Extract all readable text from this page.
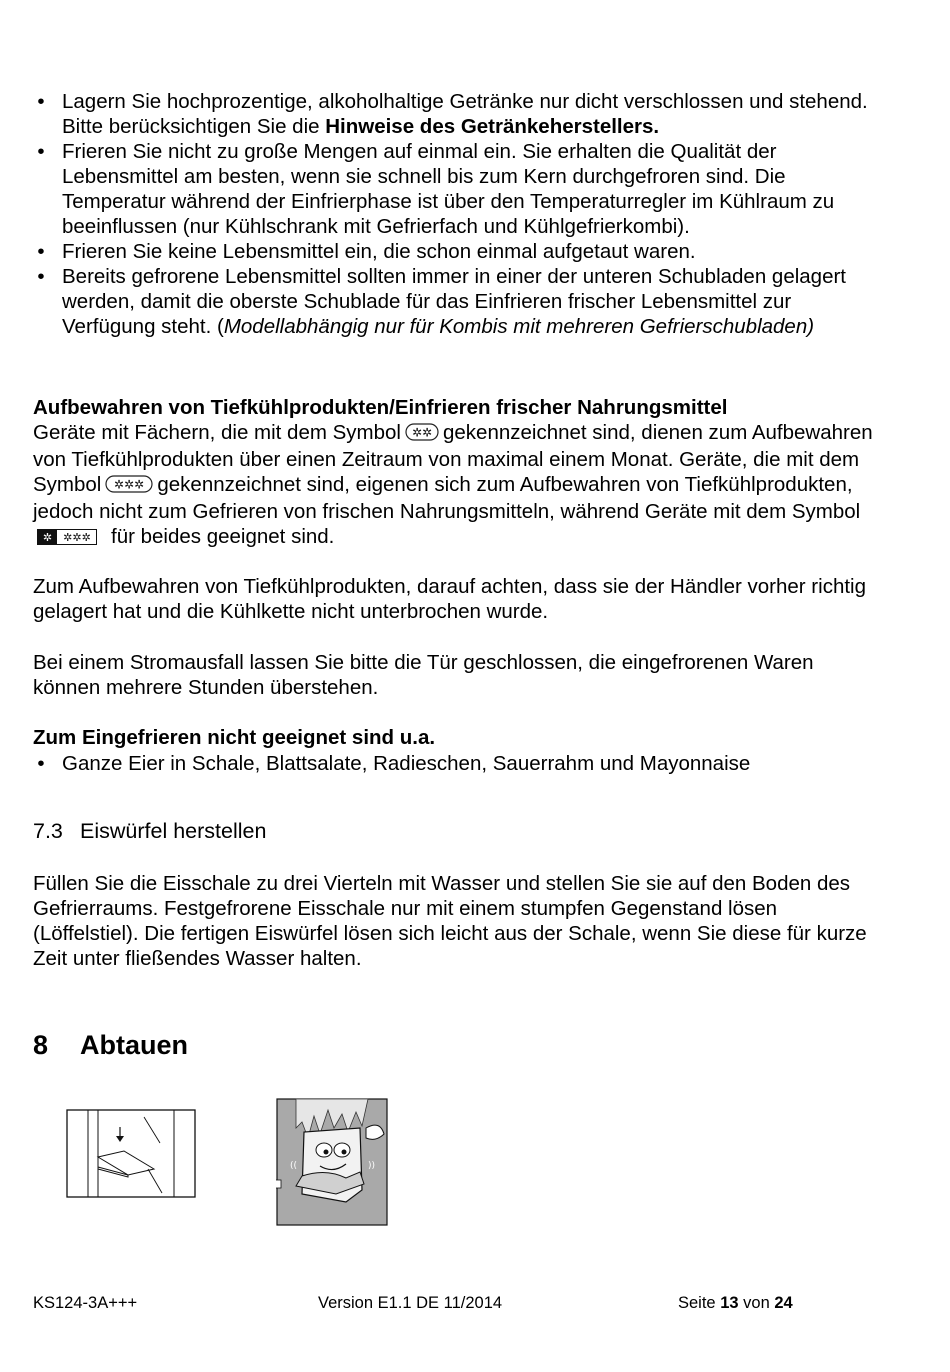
• Lagern Sie hochprozentige, alkoholhaltige Getränke nur dicht verschlossen und stehend. Bitte berücksichtigen Sie die Hinweise des Getränkeherstellers.
• Frieren Sie nicht zu große Mengen auf einmal ein. Sie erhalten die Qualität der Lebensmittel am besten, wenn sie schnell bis zum Kern durchgefroren sind. Die Temperatur während der Einfrierphase ist über den Temperaturregler im Kühlraum zu beeinflussen (nur Kühlschrank mit Gefrierfach und Kühlgefrierkombi).
• Frieren Sie keine Lebensmittel ein, die schon einmal aufgetaut waren.
• Bereits gefrorene Lebensmittel sollten immer in einer der unteren Schubladen gelagert werden, damit die oberste Schublade für das Einfrieren frischer Lebensmittel zur Verfügung steht. (Modellabhängig nur für Kombis mit mehreren Gefrierschubladen)

Aufbewahren von Tiefkühlprodukten/Einfrieren frischer Nahrungsmittel

Geräte mit Fächern, die mit dem Symbol ✲✲ gekennzeichnet sind, dienen zum Aufbewahren von Tiefkühlprodukten über einen Zeitraum von maximal einem Monat. Geräte, die mit dem Symbol ✲✲✲ gekennzeichnet sind, eigenen sich zum Aufbewahren von Tiefkühlprodukten, jedoch nicht zum Gefrieren von frischen Nahrungsmitteln, während Geräte mit dem Symbol
✲ ✲✲✲ für beides geeignet sind.

Zum Aufbewahren von Tiefkühlprodukten, darauf achten, dass sie der Händler vorher richtig gelagert hat und die Kühlkette nicht unterbrochen wurde.

Bei einem Stromausfall lassen Sie bitte die Tür geschlossen, die eingefrorenen Waren können mehrere Stunden überstehen.

Zum Eingefrieren nicht geeignet sind u.a.

• Ganze Eier in Schale, Blattsalate, Radieschen, Sauerrahm und Mayonnaise
7.3 Eiswürfel herstellen

Füllen Sie die Eisschale zu drei Vierteln mit Wasser und stellen Sie sie auf den Boden des Gefrierraums. Festgefrorene Eisschale nur mit einem stumpfen Gegenstand lösen (Löffelstiel). Die fertigen Eiswürfel lösen sich leicht aus der Schale, wenn Sie diese für kurze Zeit unter fließendes Wasser halten.

8 Abtauen
((	))
KS124-3A+++	Version E1.1 DE 11/2014	Seite 13 von 24
